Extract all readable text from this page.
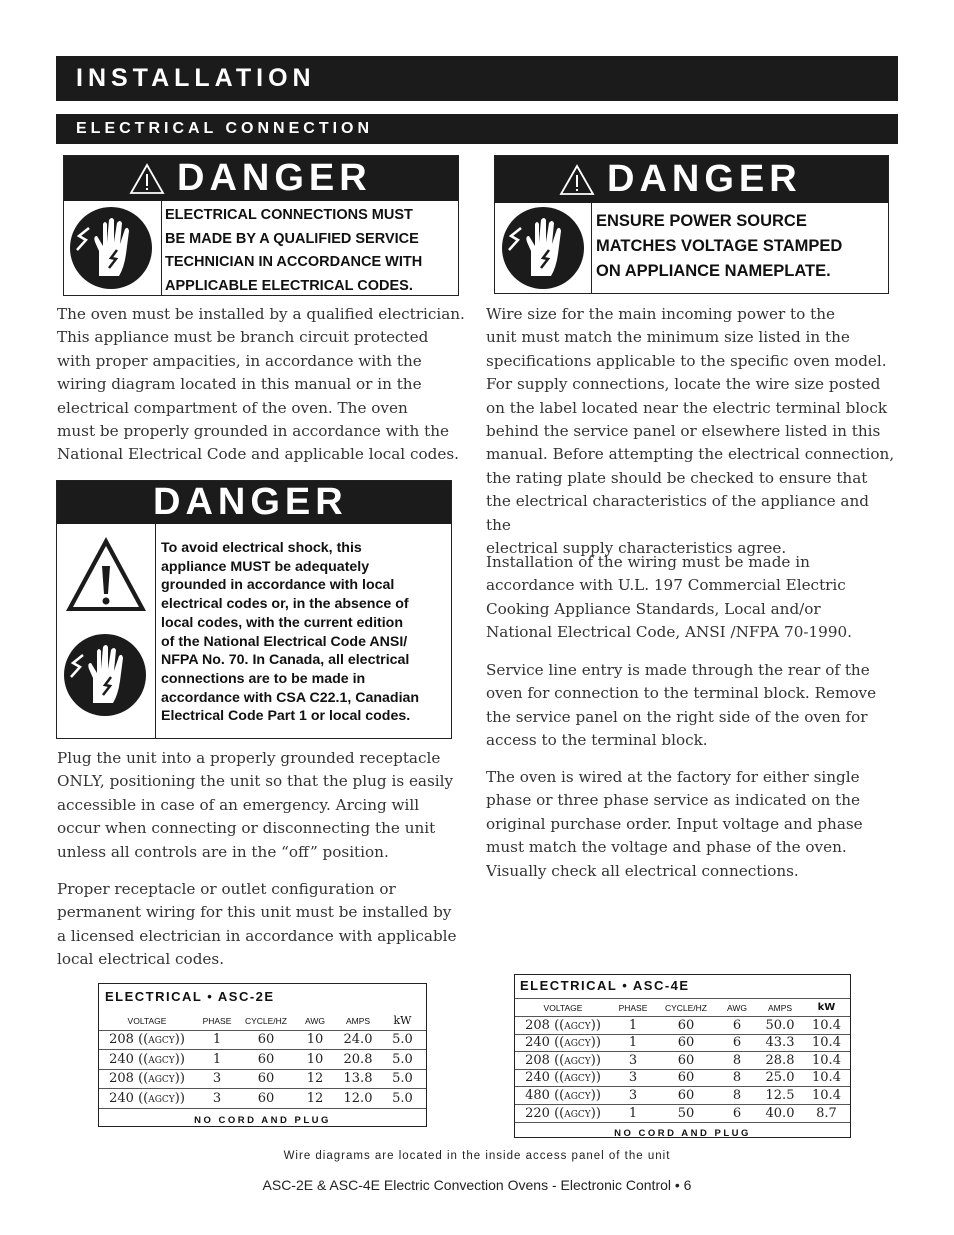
INSTALLATION
ELECTRICAL CONNECTION
DANGER
ELECTRICAL CONNECTIONS MUST
BE MADE BY A QUALIFIED SERVICE
TECHNICIAN IN ACCORDANCE WITH
APPLICABLE ELECTRICAL CODES.
DANGER
ENSURE POWER SOURCE
MATCHES VOLTAGE STAMPED
ON APPLIANCE NAMEPLATE.

The oven must be installed by a qualified electrician.
This appliance must be branch circuit protected
with proper ampacities, in accordance with the
wiring diagram located in this manual or in the
electrical compartment of the oven. The oven
must be properly grounded in accordance with the
National Electrical Code and applicable local codes.

DANGER
To avoid electrical shock, this
appliance MUST be adequately
grounded in accordance with local
electrical codes or, in the absence of
local codes, with the current edition
of the National Electrical Code ANSI/
NFPA No. 70. In Canada, all electrical
connections are to be made in
accordance with CSA C22.1, Canadian
Electrical Code Part 1 or local codes.

Plug the unit into a properly grounded receptacle
ONLY, positioning the unit so that the plug is easily
accessible in case of an emergency. Arcing will
occur when connecting or disconnecting the unit
unless all controls are in the “off” position.

Proper receptacle or outlet configuration or
permanent wiring for this unit must be installed by
a licensed electrician in accordance with applicable
local electrical codes.

Wire size for the main incoming power to the
unit must match the minimum size listed in the
specifications applicable to the specific oven model.
For supply connections, locate the wire size posted
on the label located near the electric terminal block
behind the service panel or elsewhere listed in this
manual. Before attempting the electrical connection,
the rating plate should be checked to ensure that
the electrical characteristics of the appliance and the
electrical supply characteristics agree.

Installation of the wiring must be made in
accordance with U.L. 197 Commercial Electric
Cooking Appliance Standards, Local and/or
National Electrical Code, ANSI /NFPA 70-1990.

Service line entry is made through the rear of the
oven for connection to the terminal block. Remove
the service panel on the right side of the oven for
access to the terminal block.

The oven is wired at the factory for either single
phase or three phase service as indicated on the
original purchase order. Input voltage and phase
must match the voltage and phase of the oven.
Visually check all electrical connections.

ELECTRICAL • ASC-2E
VOLTAGE	PHASE	CYCLE/HZ	AWG	AMPS	kW
208 ((agcy))	1	60	10	24.0	5.0
240 ((agcy))	1	60	10	20.8	5.0
208 ((agcy))	3	60	12	13.8	5.0
240 ((agcy))	3	60	12	12.0	5.0
NO CORD AND PLUG
ELECTRICAL • ASC-4E
VOLTAGE	PHASE	CYCLE/HZ	AWG	AMPS	kW
208 ((agcy))	1	60	6	50.0	10.4
240 ((agcy))	1	60	6	43.3	10.4
208 ((agcy))	3	60	8	28.8	10.4
240 ((agcy))	3	60	8	25.0	10.4
480 ((agcy))	3	60	8	12.5	10.4
220 ((agcy))	1	50	6	40.0	8.7
NO CORD AND PLUG
Wire diagrams are located in the inside access panel of the unit
ASC-2E & ASC-4E Electric Convection Ovens - Electronic Control • 6
